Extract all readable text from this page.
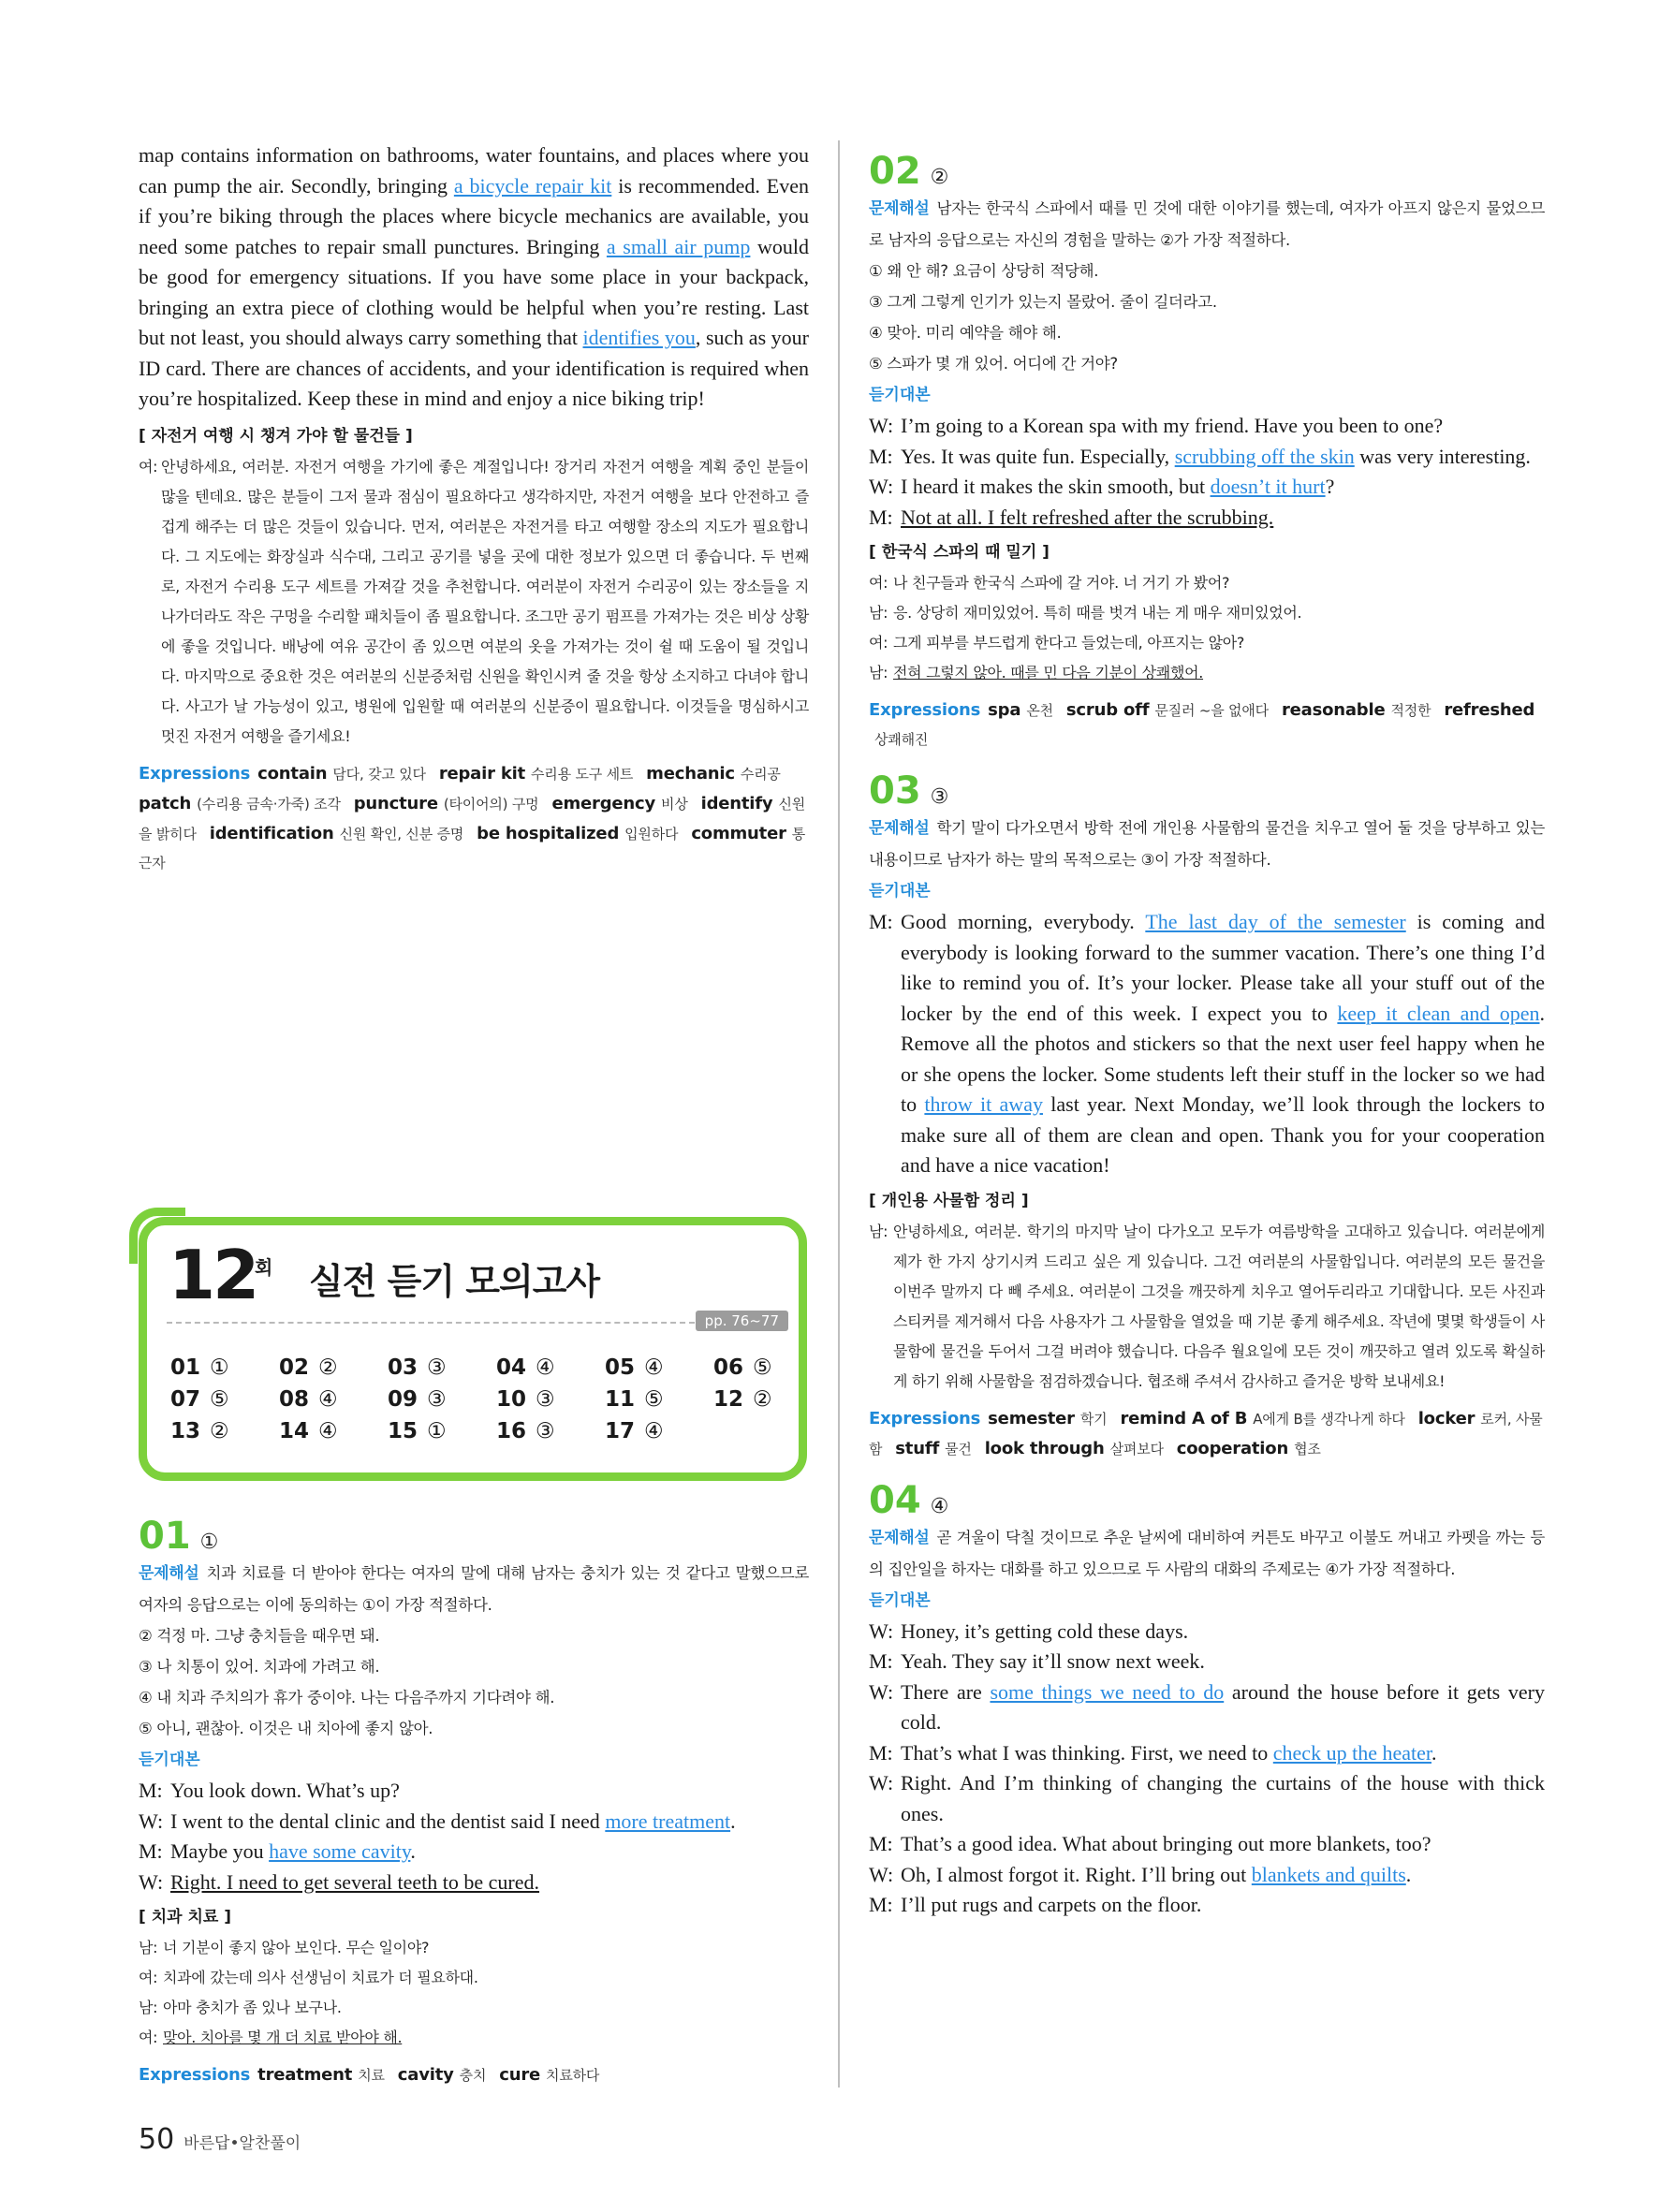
map contains information on bathrooms, water fountains, and places where you can pump the air. Secondly, bringing a bicycle repair kit is recommended. Even if you’re biking through the places where bicycle mechanics are available, you need some patches to repair small punctures. Bringing a small air pump would be good for emergency situations. If you have some place in your backpack, bringing an extra piece of clothing would be helpful when you’re resting. Last but not least, you should always carry something that identifies you, such as your ID card. There are chances of accidents, and your identification is required when you’re hospitalized. Keep these in mind and enjoy a nice biking trip!

[ 자전거 여행 시 챙겨 가야 할 물건들 ]
여: 안녕하세요, 여러분. 자전거 여행을 가기에 좋은 계절입니다! 장거리 자전거 여행을 계획 중인 분들이 많을 텐데요. 많은 분들이 그저 물과 점심이 필요하다고 생각하지만, 자전거 여행을 보다 안전하고 즐겁게 해주는 더 많은 것들이 있습니다. 먼저, 여러분은 자전거를 타고 여행할 장소의 지도가 필요합니다. 그 지도에는 화장실과 식수대, 그리고 공기를 넣을 곳에 대한 정보가 있으면 더 좋습니다. 두 번째로, 자전거 수리용 도구 세트를 가져갈 것을 추천합니다. 여러분이 자전거 수리공이 있는 장소들을 지나가더라도 작은 구멍을 수리할 패치들이 좀 필요합니다. 조그만 공기 펌프를 가져가는 것은 비상 상황에 좋을 것입니다. 배낭에 여유 공간이 좀 있으면 여분의 옷을 가져가는 것이 쉴 때 도움이 될 것입니다. 마지막으로 중요한 것은 여러분의 신분증처럼 신원을 확인시켜 줄 것을 항상 소지하고 다녀야 합니다. 사고가 날 가능성이 있고, 병원에 입원할 때 여러분의 신분증이 필요합니다. 이것들을 명심하시고 멋진 자전거 여행을 즐기세요!
Expressions contain 담다, 갖고 있다 repair kit 수리용 도구 세트 mechanic 수리공patch (수리용 금속·가죽) 조각 puncture (타이어의) 구멍 emergency 비상 identify 신원을 밝히다 identification 신원 확인, 신분 증명 be hospitalized 입원하다 commuter 통근자
12
회 실전 듣기 모의고사
pp. 76~77
01 ①	02 ②	03 ③	04 ④	05 ④	06 ⑤
07 ⑤	08 ④	09 ③	10 ③	11 ⑤	12 ②
13 ②	14 ④	15 ①	16 ③	17 ④
01 ①
문제해설 치과 치료를 더 받아야 한다는 여자의 말에 대해 남자는 충치가 있는 것 같다고 말했으므로 여자의 응답으로는 이에 동의하는 ①이 가장 적절하다.
② 걱정 마. 그냥 충치들을 때우면 돼.
③ 나 치통이 있어. 치과에 가려고 해.
④ 내 치과 주치의가 휴가 중이야. 나는 다음주까지 기다려야 해.
⑤ 아니, 괜찮아. 이것은 내 치아에 좋지 않아.
듣기대본
M: You look down. What’s up?
W: I went to the dental clinic and the dentist said I need more treatment.
M: Maybe you have some cavity.
W: Right. I need to get several teeth to be cured.
[ 치과 치료 ]
남: 너 기분이 좋지 않아 보인다. 무슨 일이야?
여: 치과에 갔는데 의사 선생님이 치료가 더 필요하대.
남: 아마 충치가 좀 있나 보구나.
여: 맞아. 치아를 몇 개 더 치료 받아야 해.
Expressions treatment 치료 cavity 충치 cure 치료하다
02 ②
문제해설 남자는 한국식 스파에서 때를 민 것에 대한 이야기를 했는데, 여자가 아프지 않은지 물었으므로 남자의 응답으로는 자신의 경험을 말하는 ②가 가장 적절하다.
① 왜 안 해? 요금이 상당히 적당해.
③ 그게 그렇게 인기가 있는지 몰랐어. 줄이 길더라고.
④ 맞아. 미리 예약을 해야 해.
⑤ 스파가 몇 개 있어. 어디에 간 거야?
듣기대본
W: I’m going to a Korean spa with my friend. Have you been to one?
M: Yes. It was quite fun. Especially, scrubbing off the skin was very interesting.
W: I heard it makes the skin smooth, but doesn’t it hurt?
M: Not at all. I felt refreshed after the scrubbing.
[ 한국식 스파의 때 밀기 ]
여: 나 친구들과 한국식 스파에 갈 거야. 너 거기 가 봤어?
남: 응. 상당히 재미있었어. 특히 때를 벗겨 내는 게 매우 재미있었어.
여: 그게 피부를 부드럽게 한다고 들었는데, 아프지는 않아?
남: 전혀 그렇지 않아. 때를 민 다음 기분이 상쾌했어.
Expressions spa 온천 scrub off 문질러 ~을 없애다 reasonable 적정한 refreshed상쾌해진
03 ③
문제해설 학기 말이 다가오면서 방학 전에 개인용 사물함의 물건을 치우고 열어 둘 것을 당부하고 있는 내용이므로 남자가 하는 말의 목적으로는 ③이 가장 적절하다.
듣기대본
M: Good morning, everybody. The last day of the semester is coming and everybody is looking forward to the summer vacation. There’s one thing I’d like to remind you of. It’s your locker. Please take all your stuff out of the locker by the end of this week. I expect you to keep it clean and open. Remove all the photos and stickers so that the next user feel happy when he or she opens the locker. Some students left their stuff in the locker so we had to throw it away last year. Next Monday, we’ll look through the lockers to make sure all of them are clean and open. Thank you for your cooperation and have a nice vacation!
[ 개인용 사물함 정리 ]
남: 안녕하세요, 여러분. 학기의 마지막 날이 다가오고 모두가 여름방학을 고대하고 있습니다. 여러분에게 제가 한 가지 상기시켜 드리고 싶은 게 있습니다. 그건 여러분의 사물함입니다. 여러분의 모든 물건을 이번주 말까지 다 빼 주세요. 여러분이 그것을 깨끗하게 치우고 열어두리라고 기대합니다. 모든 사진과 스티커를 제거해서 다음 사용자가 그 사물함을 열었을 때 기분 좋게 해주세요. 작년에 몇몇 학생들이 사물함에 물건을 두어서 그걸 버려야 했습니다. 다음주 월요일에 모든 것이 깨끗하고 열려 있도록 확실하게 하기 위해 사물함을 점검하겠습니다. 협조해 주셔서 감사하고 즐거운 방학 보내세요!
Expressions semester 학기 remind A of B A에게 B를 생각나게 하다 locker 로커, 사물함 stuff 물건 look through 살펴보다 cooperation 협조
04 ④
문제해설 곧 겨울이 닥칠 것이므로 추운 날씨에 대비하여 커튼도 바꾸고 이불도 꺼내고 카펫을 까는 등의 집안일을 하자는 대화를 하고 있으므로 두 사람의 대화의 주제로는 ④가 가장 적절하다.
듣기대본
W: Honey, it’s getting cold these days.
M: Yeah. They say it’ll snow next week.
W: There are some things we need to do around the house before it gets very cold.
M: That’s what I was thinking. First, we need to check up the heater.
W: Right. And I’m thinking of changing the curtains of the house with thick ones.
M: That’s a good idea. What about bringing out more blankets, too?
W: Oh, I almost forgot it. Right. I’ll bring out blankets and quilts.
M: I’ll put rugs and carpets on the floor.
50 바른답•알찬풀이
